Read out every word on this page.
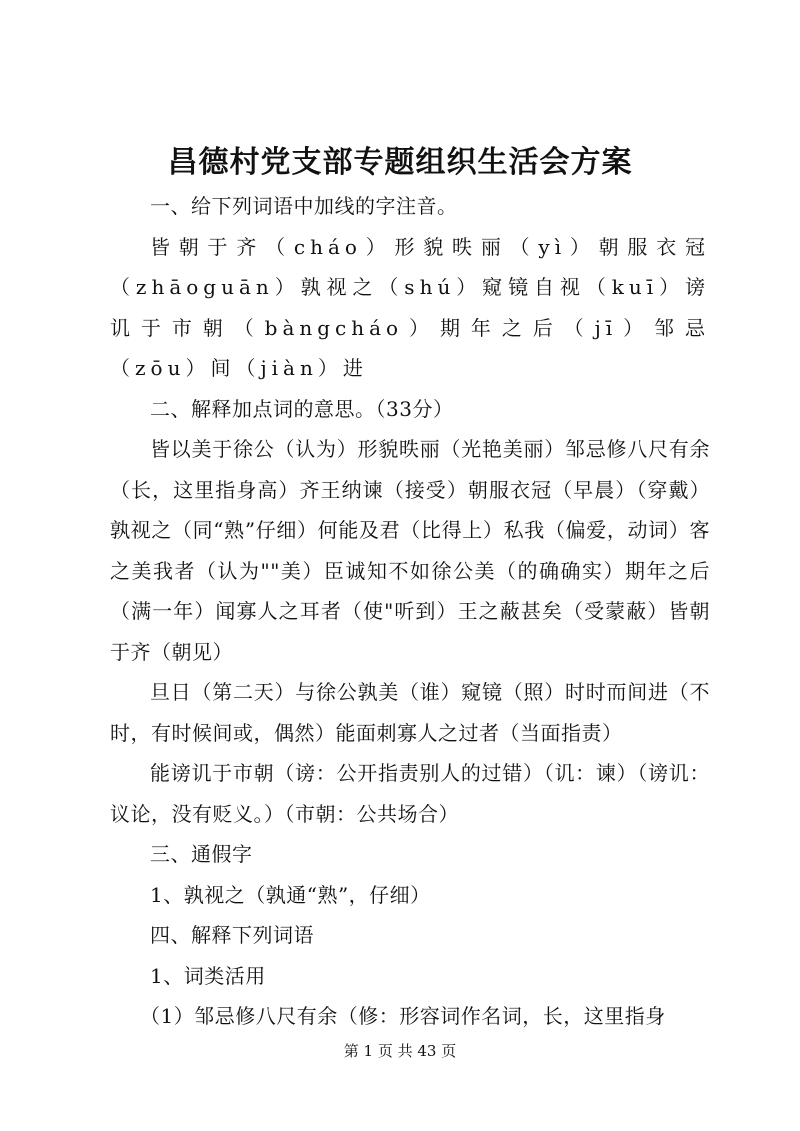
昌德村党支部专题组织生活会方案

一、给下列词语中加线的字注音。

皆朝于齐（cháo）形貌昳丽（yì）朝服衣冠（zhāoguān）孰视之（shú）窥镜自视（kuī）谤讥于市朝（bàngcháo）期年之后（jī）邹忌（zōu）间（jiàn）进

二、解释加点词的意思。（33分）

皆以美于徐公（认为）形貌昳丽（光艳美丽）邹忌修八尺有余（长，这里指身高）齐王纳谏（接受）朝服衣冠（早晨）（穿戴）孰视之（同“熟”仔细）何能及君（比得上）私我（偏爱，动词）客之美我者（认为""美）臣诚知不如徐公美（的确确实）期年之后（满一年）闻寡人之耳者（使"听到）王之蔽甚矣（受蒙蔽）皆朝于齐（朝见）

旦日（第二天）与徐公孰美（谁）窥镜（照）时时而间进（不时，有时候间或，偶然）能面刺寡人之过者（当面指责）

能谤讥于市朝（谤：公开指责别人的过错）（讥：谏）（谤讥：议论，没有贬义。）（市朝：公共场合）

三、通假字

1、孰视之（孰通“熟”，仔细）

四、解释下列词语

1、词类活用

（1）邹忌修八尺有余（修：形容词作名词，长，这里指身

第 1 页 共 43 页
